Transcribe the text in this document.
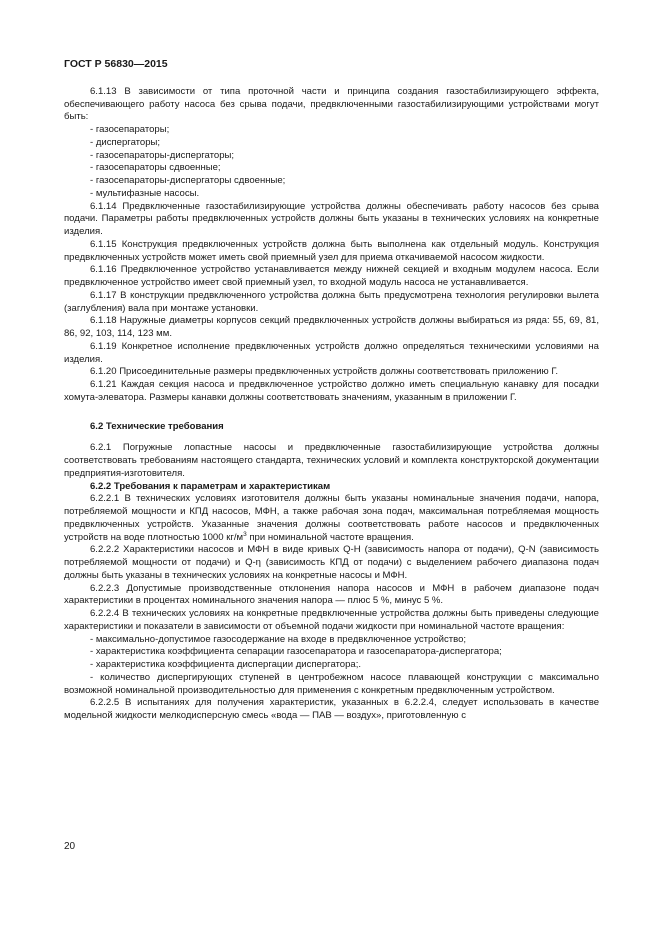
ГОСТ Р 56830—2015

6.1.13 В зависимости от типа проточной части и принципа создания газостабилизирующего эффекта, обеспечивающего работу насоса без срыва подачи, предвключенными газостабилизирующими устройствами могут быть:

- газосепараторы;

- диспергаторы;

- газосепараторы-диспергаторы;

- газосепараторы сдвоенные;

- газосепараторы-диспергаторы сдвоенные;

- мультифазные насосы.

6.1.14 Предвключенные газостабилизирующие устройства должны обеспечивать работу насосов без срыва подачи. Параметры работы предвключенных устройств должны быть указаны в технических условиях на конкретные изделия.

6.1.15 Конструкция предвключенных устройств должна быть выполнена как отдельный модуль. Конструкция предвключенных устройств может иметь свой приемный узел для приема откачиваемой насосом жидкости.

6.1.16 Предвключенное устройство устанавливается между нижней секцией и входным модулем насоса. Если предвключенное устройство имеет свой приемный узел, то входной модуль насоса не устанавливается.

6.1.17 В конструкции предвключенного устройства должна быть предусмотрена технология регулировки вылета (заглубления) вала при монтаже установки.

6.1.18 Наружные диаметры корпусов секций предвключенных устройств должны выбираться из ряда: 55, 69, 81, 86, 92, 103, 114, 123 мм.

6.1.19 Конкретное исполнение предвключенных устройств должно определяться техническими условиями на изделия.

6.1.20 Присоединительные размеры предвключенных устройств должны соответствовать приложению Г.

6.1.21 Каждая секция насоса и предвключенное устройство должно иметь специальную канавку для посадки хомута-элеватора. Размеры канавки должны соответствовать значениям, указанным в приложении Г.

6.2 Технические требования

6.2.1 Погружные лопастные насосы и предвключенные газостабилизирующие устройства должны соответствовать требованиям настоящего стандарта, технических условий и комплекта конструкторской документации предприятия-изготовителя.

6.2.2 Требования к параметрам и характеристикам

6.2.2.1 В технических условиях изготовителя должны быть указаны номинальные значения подачи, напора, потребляемой мощности и КПД насосов, МФН, а также рабочая зона подач, максимальная потребляемая мощность предвключенных устройств. Указанные значения должны соответствовать работе насосов и предвключенных устройств на воде плотностью 1000 $кг/м^3$ при номинальной частоте вращения.

6.2.2.2 Характеристики насосов и МФН в виде кривых Q-H (зависимость напора от подачи), Q-N (зависимость потребляемой мощности от подачи) и Q-η (зависимость КПД от подачи) с выделением рабочего диапазона подач должны быть указаны в технических условиях на конкретные насосы и МФН.

6.2.2.3 Допустимые производственные отклонения напора насосов и МФН в рабочем диапазоне подач характеристики в процентах номинального значения напора — плюс 5 %, минус 5 %.

6.2.2.4 В технических условиях на конкретные предвключенные устройства должны быть приведены следующие характеристики и показатели в зависимости от объемной подачи жидкости при номинальной частоте вращения:

- максимально-допустимое газосодержание на входе в предвключенное устройство;

- характеристика коэффициента сепарации газосепаратора и газосепаратора-диспергатора;

- характеристика коэффициента диспергации диспергатора;.

- количество диспергирующих ступеней в центробежном насосе плавающей конструкции с максимально возможной номинальной производительностью для применения с конкретным предвключенным устройством.

6.2.2.5 В испытаниях для получения характеристик, указанных в 6.2.2.4, следует использовать в качестве модельной жидкости мелкодисперсную смесь «вода — ПАВ — воздух», приготовленную с

20
